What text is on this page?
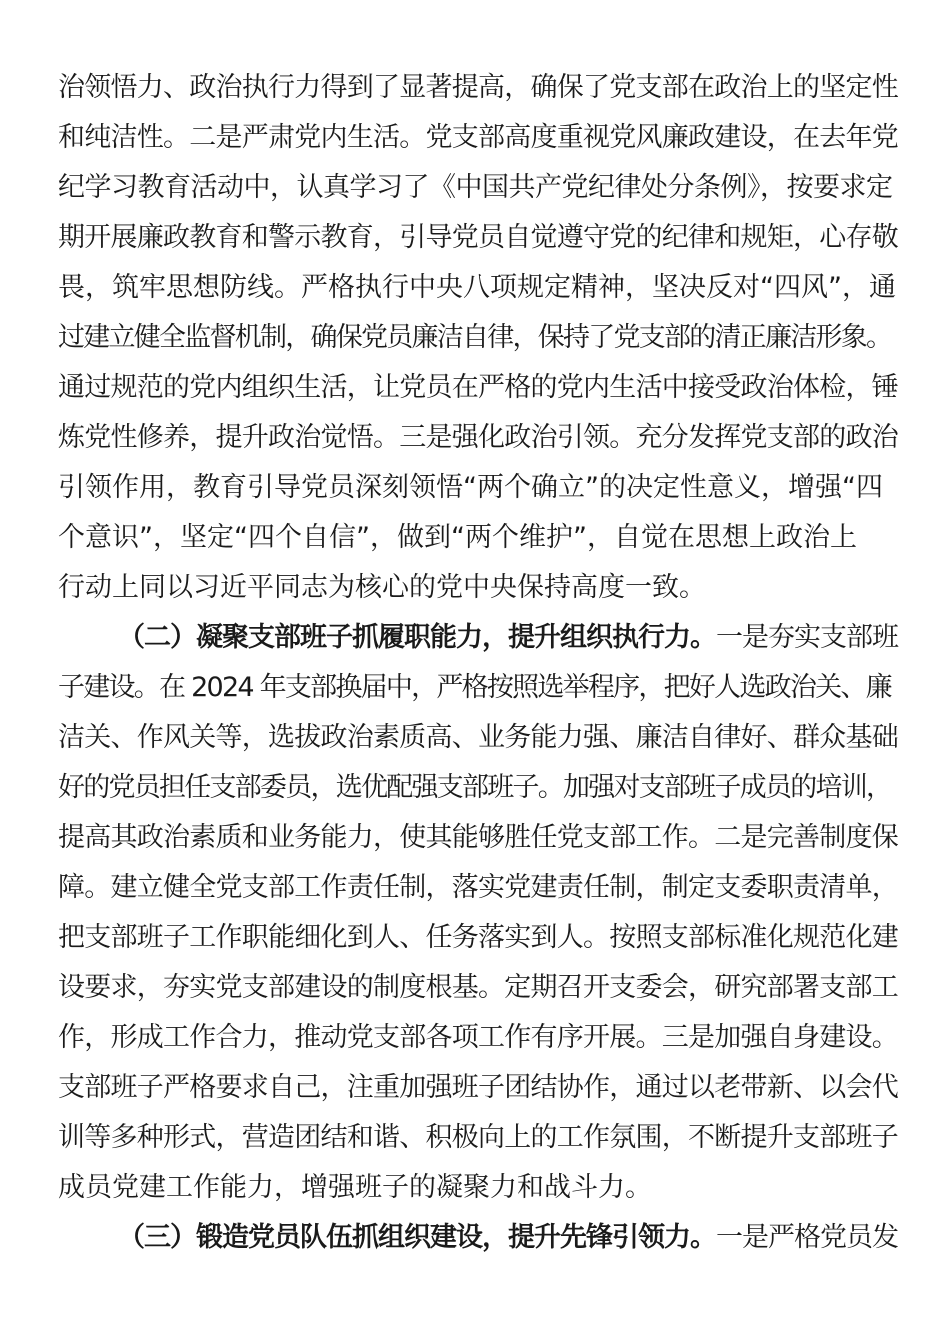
治领悟力、政治执行力得到了显著提高，确保了党支部在政治上的坚定性
和纯洁性。二是严肃党内生活。党支部高度重视党风廉政建设，在去年党
纪学习教育活动中，认真学习了《中国共产党纪律处分条例》，按要求定
期开展廉政教育和警示教育，引导党员自觉遵守党的纪律和规矩，心存敬
畏，筑牢思想防线。严格执行中央八项规定精神，坚决反对“四风”，通
过建立健全监督机制，确保党员廉洁自律，保持了党支部的清正廉洁形象。
通过规范的党内组织生活，让党员在严格的党内生活中接受政治体检，锤
炼党性修养，提升政治觉悟。三是强化政治引领。充分发挥党支部的政治
引领作用，教育引导党员深刻领悟“两个确立”的决定性意义，增强“四
个意识”，坚定“四个自信”，做到“两个维护”，自觉在思想上政治上
行动上同以习近平同志为核心的党中央保持高度一致。
（二）凝聚支部班子抓履职能力，提升组织执行力。一是夯实支部班
子建设。在 2024 年支部换届中，严格按照选举程序，把好人选政治关、廉
洁关、作风关等，选拔政治素质高、业务能力强、廉洁自律好、群众基础
好的党员担任支部委员，选优配强支部班子。加强对支部班子成员的培训，
提高其政治素质和业务能力，使其能够胜任党支部工作。二是完善制度保
障。建立健全党支部工作责任制，落实党建责任制，制定支委职责清单，
把支部班子工作职能细化到人、任务落实到人。按照支部标准化规范化建
设要求，夯实党支部建设的制度根基。定期召开支委会，研究部署支部工
作，形成工作合力，推动党支部各项工作有序开展。三是加强自身建设。
支部班子严格要求自己，注重加强班子团结协作，通过以老带新、以会代
训等多种形式，营造团结和谐、积极向上的工作氛围，不断提升支部班子
成员党建工作能力，增强班子的凝聚力和战斗力。
（三）锻造党员队伍抓组织建设，提升先锋引领力。一是严格党员发
